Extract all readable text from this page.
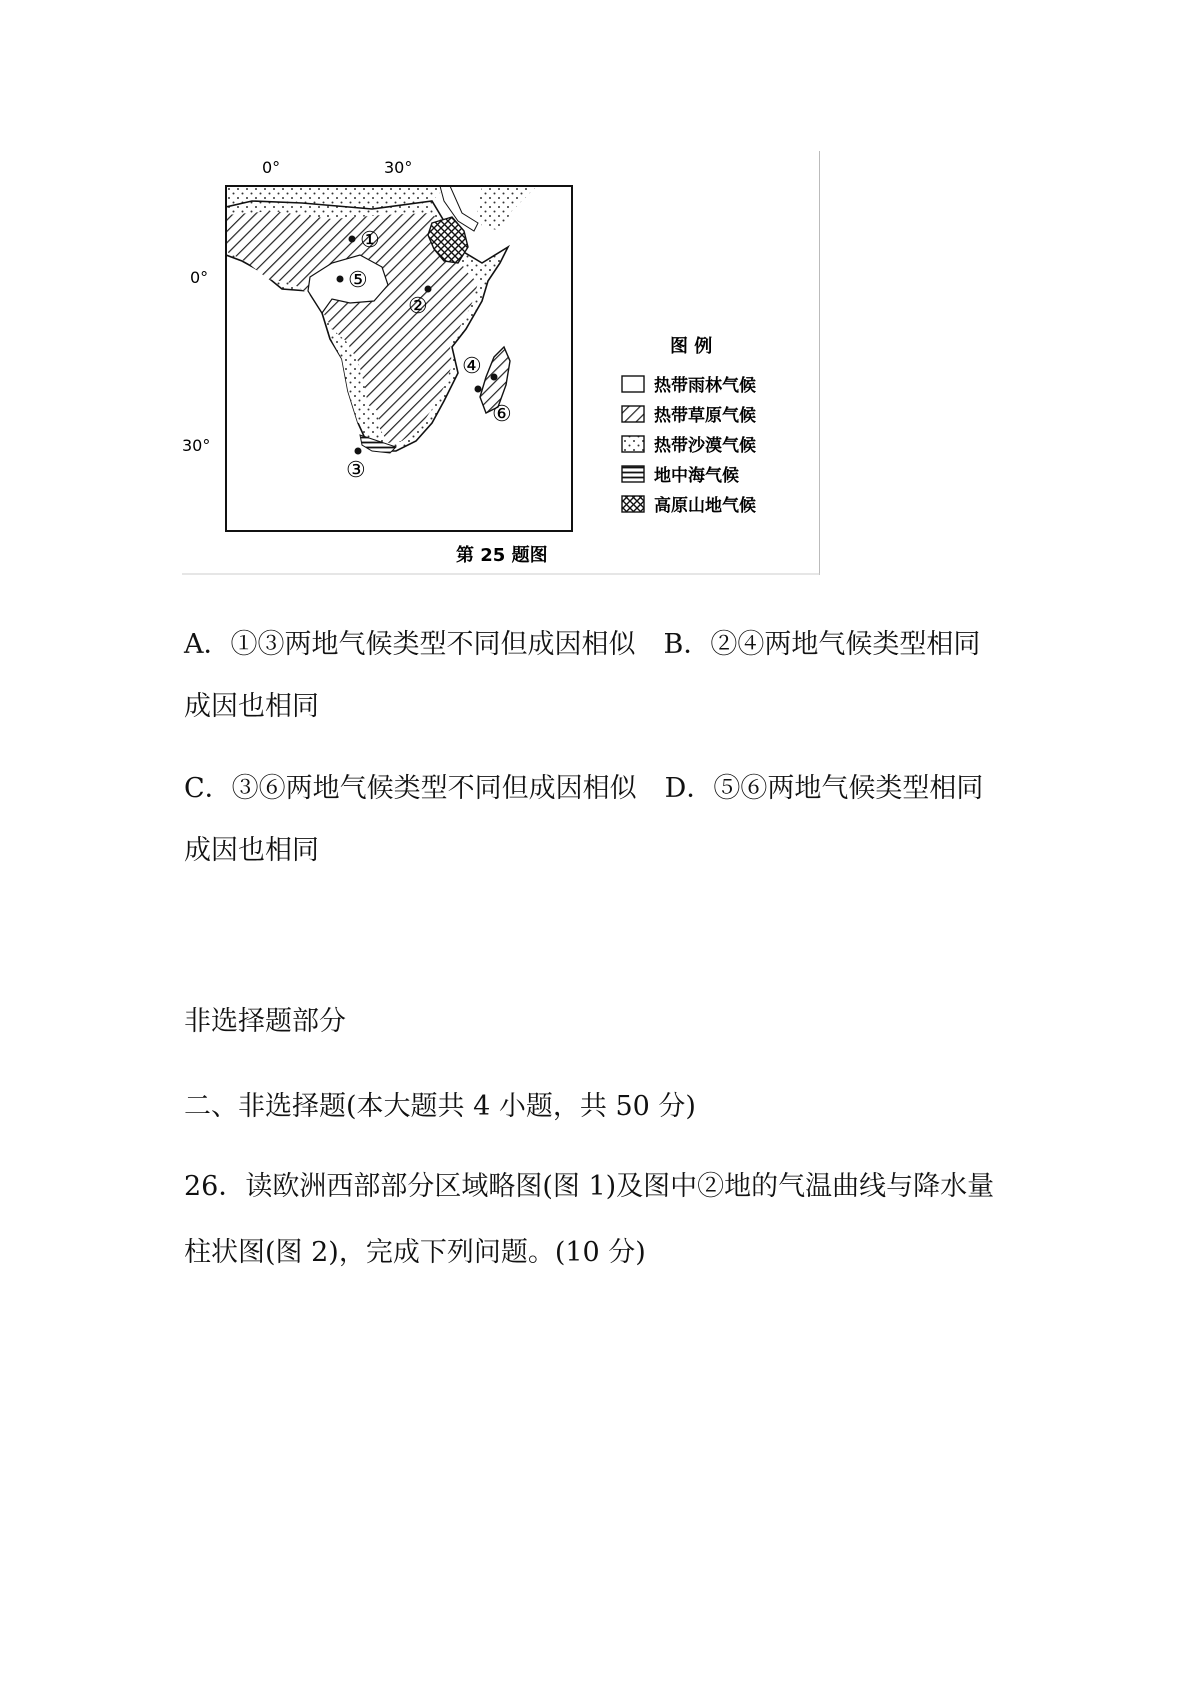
0°	30°
0°
30°
①
②
③
④
⑤
⑥
图 例
热带雨林气候
热带草原气候
热带沙漠气候
地中海气候
高原山地气候
第 25 题图
A．①③两地气候类型不同但成因相似 B．②④两地气候类型相同
成因也相同
C．③⑥两地气候类型不同但成因相似 D．⑤⑥两地气候类型相同
成因也相同
非选择题部分
二、非选择题(本大题共 4 小题，共 50 分)
26．读欧洲西部部分区域略图(图 1)及图中②地的气温曲线与降水量
柱状图(图 2)，完成下列问题。(10 分)
